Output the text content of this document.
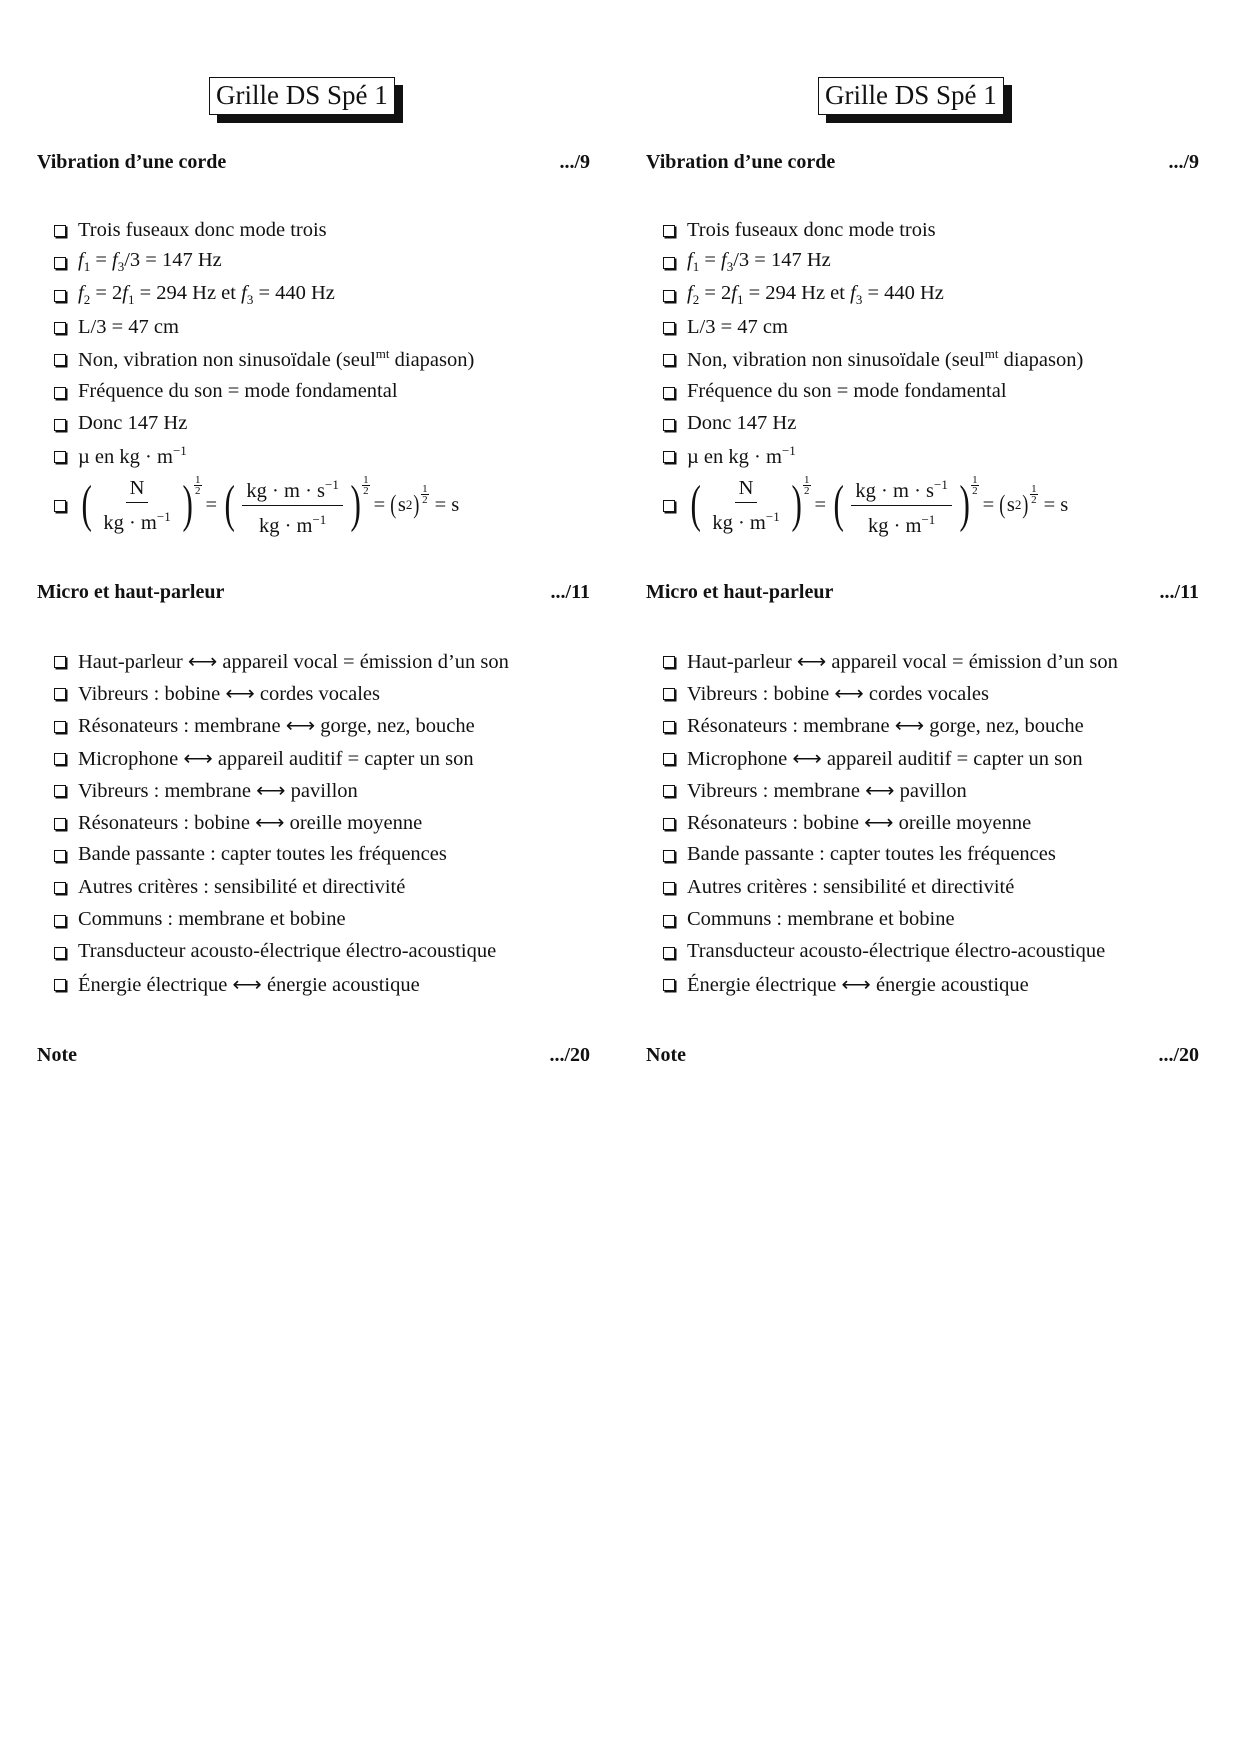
Grille DS Spé 1
Vibration d’une corde	.../9
Trois fuseaux donc mode trois
$f_1 = f_3/3 = 147$ Hz
$f_2 = 2f_1 = 294$ Hz et $f_3 = 440$ Hz
L/3 = 47 cm
Non, vibration non sinusoïdale (seul$^{mt}$ diapason)
Fréquence du son = mode fondamental
Donc 147 Hz
µ en kg · $m^{-1}$
( $\frac{N}{kg \cdot m^{-1}}$ ) $\frac{1}{2}$
= ( $\frac{kg \cdot m \cdot s^{-1}}{kg \cdot m^{-1}}$ ) $\frac{1}{2}$
= ( s 2 ) $\frac{1}{2} = s$
Micro et haut-parleur	.../11
Haut-parleur ⟷ appareil vocal = émission d’un son
Vibreurs : bobine ⟷ cordes vocales
Résonateurs : membrane ⟷ gorge, nez, bouche
Microphone ⟷ appareil auditif = capter un son
Vibreurs : membrane ⟷ pavillon
Résonateurs : bobine ⟷ oreille moyenne
Bande passante : capter toutes les fréquences
Autres critères : sensibilité et directivité
Communs : membrane et bobine
Transducteur acousto-électrique électro-acoustique
Énergie électrique ⟷ énergie acoustique
Note	.../20
Grille DS Spé 1
Vibration d’une corde	.../9
Trois fuseaux donc mode trois
$f_1 = f_3/3 = 147$ Hz
$f_2 = 2f_1 = 294$ Hz et $f_3 = 440$ Hz
L/3 = 47 cm
Non, vibration non sinusoïdale (seul$^{mt}$ diapason)
Fréquence du son = mode fondamental
Donc 147 Hz
µ en kg · $m^{-1}$
( $\frac{N}{kg \cdot m^{-1}}$ ) $\frac{1}{2}$
= ( $\frac{kg \cdot m \cdot s^{-1}}{kg \cdot m^{-1}}$ ) $\frac{1}{2}$
= ( s 2 ) $\frac{1}{2} = s$
Micro et haut-parleur	.../11
Haut-parleur ⟷ appareil vocal = émission d’un son
Vibreurs : bobine ⟷ cordes vocales
Résonateurs : membrane ⟷ gorge, nez, bouche
Microphone ⟷ appareil auditif = capter un son
Vibreurs : membrane ⟷ pavillon
Résonateurs : bobine ⟷ oreille moyenne
Bande passante : capter toutes les fréquences
Autres critères : sensibilité et directivité
Communs : membrane et bobine
Transducteur acousto-électrique électro-acoustique
Énergie électrique ⟷ énergie acoustique
Note	.../20
